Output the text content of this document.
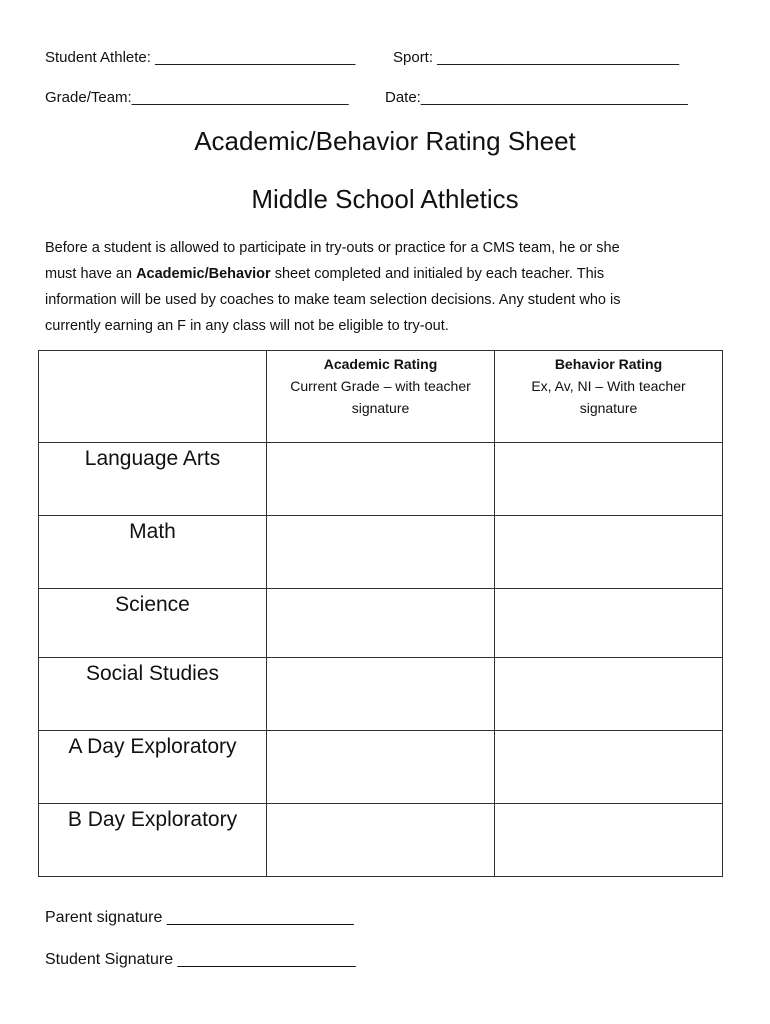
Student Athlete: ________________________	Sport: _____________________________
Grade/Team:__________________________ Date:________________________________
Academic/Behavior Rating Sheet
Middle School Athletics
Before a student is allowed to participate in try-outs or practice for a CMS team, he or she
must have an Academic/Behavior sheet completed and initialed by each teacher. This
information will be used by coaches to make team selection decisions. Any student who is
currently earning an F in any class will not be eligible to try-out.

	Academic Rating
Current Grade – with teacher
signature	Behavior Rating
Ex, Av, NI – With teacher
signature

Language Arts		

Math		

Science		

Social Studies		

A Day Exploratory		

B Day Exploratory		

Parent signature _____________________
Student Signature ____________________
